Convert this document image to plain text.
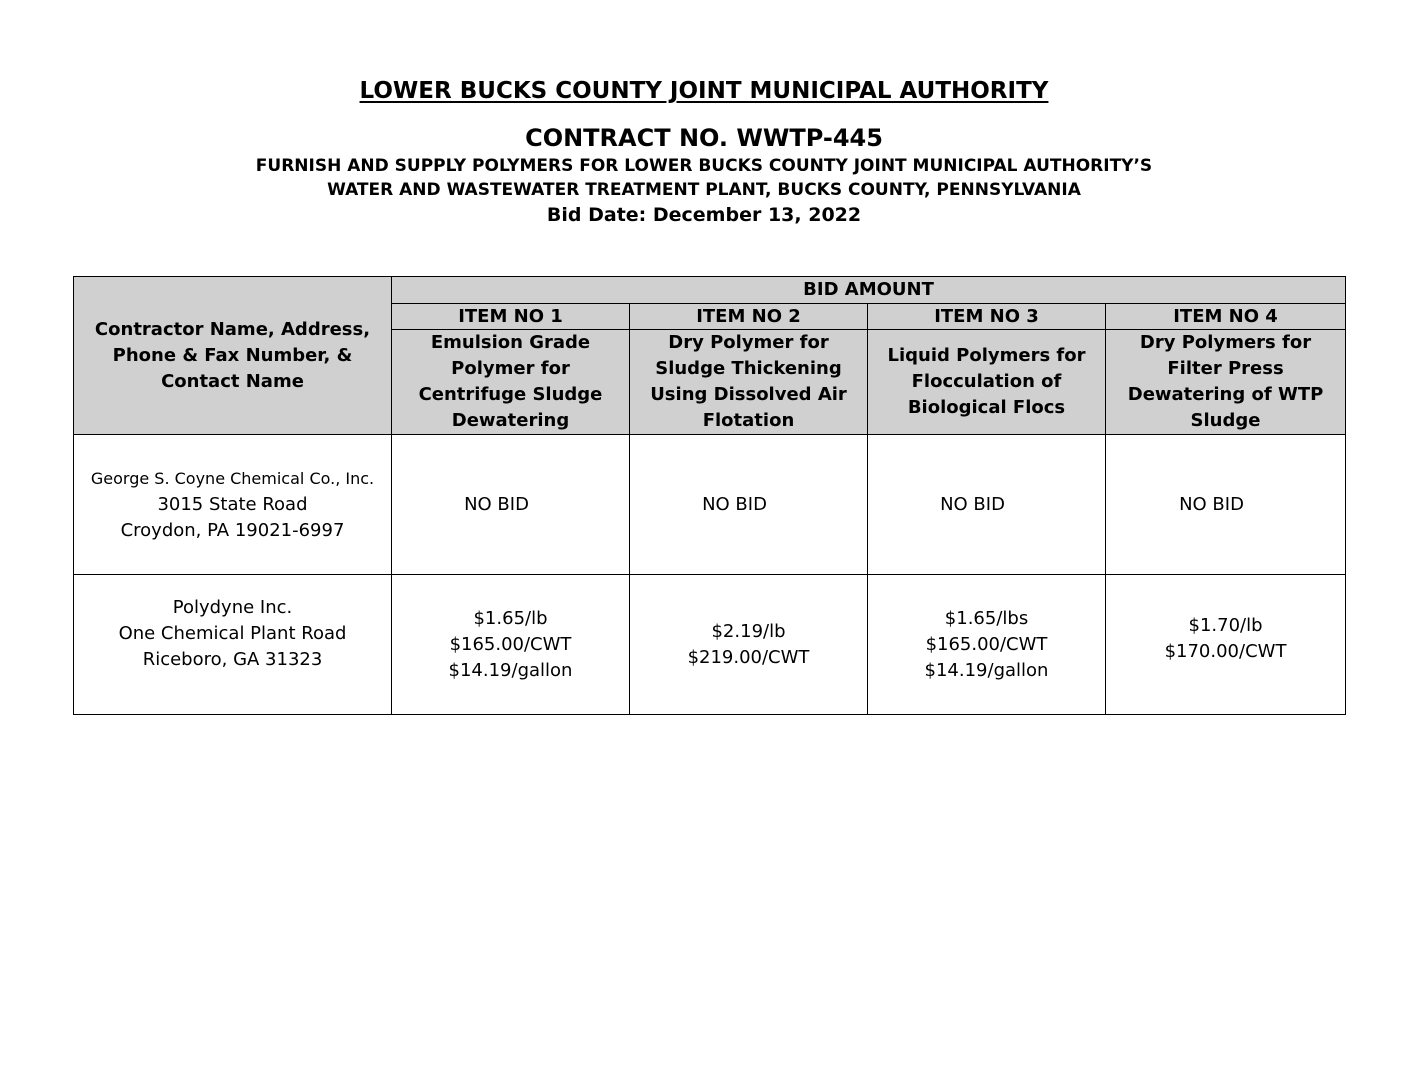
LOWER BUCKS COUNTY JOINT MUNICIPAL AUTHORITY
CONTRACT NO. WWTP-445
FURNISH AND SUPPLY POLYMERS FOR LOWER BUCKS COUNTY JOINT MUNICIPAL AUTHORITY’S
WATER AND WASTEWATER TREATMENT PLANT, BUCKS COUNTY, PENNSYLVANIA
Bid Date: December 13, 2022
Contractor Name, Address,
Phone & Fax Number, &
Contact Name	BID AMOUNT			
	ITEM NO 1	ITEM NO 2	ITEM NO 3	ITEM NO 4

	Emulsion Grade
Polymer for
Centrifuge Sludge
Dewatering	Dry Polymer for
Sludge Thickening
Using Dissolved Air
Flotation	Liquid Polymers for
Flocculation of
Biological Flocs	Dry Polymers for
Filter Press
Dewatering of WTP
Sludge

George S. Coyne Chemical Co., Inc.
3015 State Road
Croydon, PA 19021-6997	NO BID	NO BID	NO BID	NO BID

Polydyne Inc.
One Chemical Plant Road
Riceboro, GA 31323	$1.65/lb
$165.00/CWT
$14.19/gallon	$2.19/lb
$219.00/CWT	$1.65/lbs
$165.00/CWT
$14.19/gallon	$1.70/lb
$170.00/CWT
